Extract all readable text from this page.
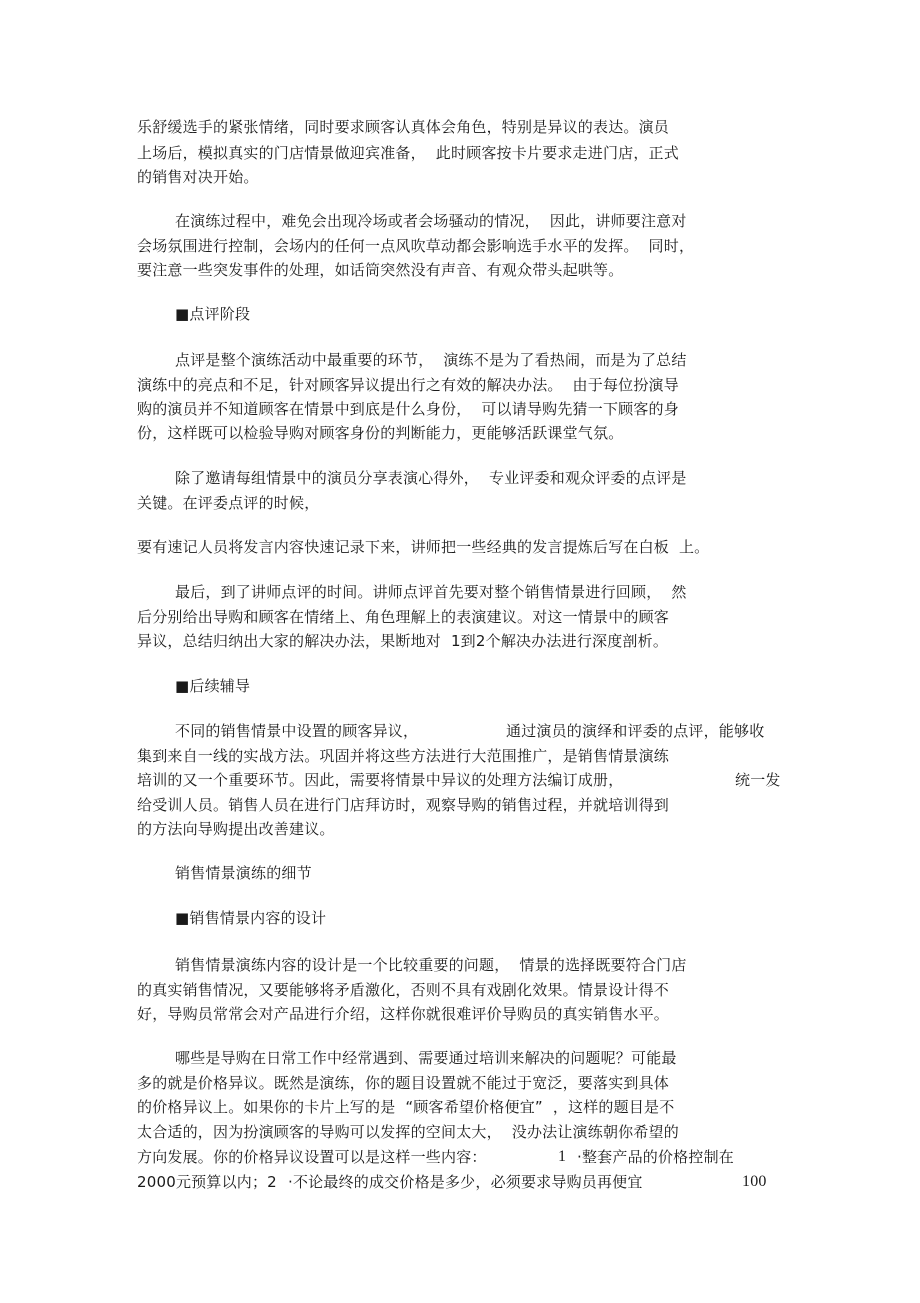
乐舒缓选手的紧张情绪，同时要求顾客认真体会角色，特别是异议的表达。演员
上场后，模拟真实的门店情景做迎宾准备，  此时顾客按卡片要求走进门店，正式
的销售对决开始。
在演练过程中，难免会出现冷场或者会场骚动的情况，  因此，讲师要注意对
会场氛围进行控制，会场内的任何一点风吹草动都会影响选手水平的发挥。  同时，
要注意一些突发事件的处理，如话筒突然没有声音、有观众带头起哄等。
■点评阶段
点评是整个演练活动中最重要的环节，  演练不是为了看热闹，而是为了总结
演练中的亮点和不足，针对顾客异议提出行之有效的解决办法。  由于每位扮演导
购的演员并不知道顾客在情景中到底是什么身份，  可以请导购先猜一下顾客的身
份，这样既可以检验导购对顾客身份的判断能力，更能够活跃课堂气氛。
除了邀请每组情景中的演员分享表演心得外，  专业评委和观众评委的点评是
关键。在评委点评的时候，
要有速记人员将发言内容快速记录下来，讲师把一些经典的发言提炼后写在白板  上。
最后，到了讲师点评的时间。讲师点评首先要对整个销售情景进行回顾，  然
后分别给出导购和顾客在情绪上、角色理解上的表演建议。对这一情景中的顾客
异议，总结归纳出大家的解决办法，果断地对  1到2个解决办法进行深度剖析。
■后续辅导
不同的销售情景中设置的顾客异议，	通过演员的演绎和评委的点评，能够收
集到来自一线的实战方法。巩固并将这些方法进行大范围推广，是销售情景演练
培训的又一个重要环节。因此，需要将情景中异议的处理方法编订成册，	统一发
给受训人员。销售人员在进行门店拜访时，观察导购的销售过程，并就培训得到
的方法向导购提出改善建议。
销售情景演练的细节
■销售情景内容的设计
销售情景演练内容的设计是一个比较重要的问题，  情景的选择既要符合门店
的真实销售情况，又要能够将矛盾激化，否则不具有戏剧化效果。情景设计得不
好，导购员常常会对产品进行介绍，这样你就很难评价导购员的真实销售水平。
哪些是导购在日常工作中经常遇到、需要通过培训来解决的问题呢？可能最
多的就是价格异议。既然是演练，你的题目设置就不能过于宽泛，要落实到具体
的价格异议上。如果你的卡片上写的是  “顾客希望价格便宜”  ，这样的题目是不
太合适的，因为扮演顾客的导购可以发挥的空间太大，  没办法让演练朝你希望的
方向发展。你的价格异议设置可以是这样一些内容：	1 ·整套产品的价格控制在
2000元预算以内；2 ·不论最终的成交价格是多少，必须要求导购员再便宜	100
